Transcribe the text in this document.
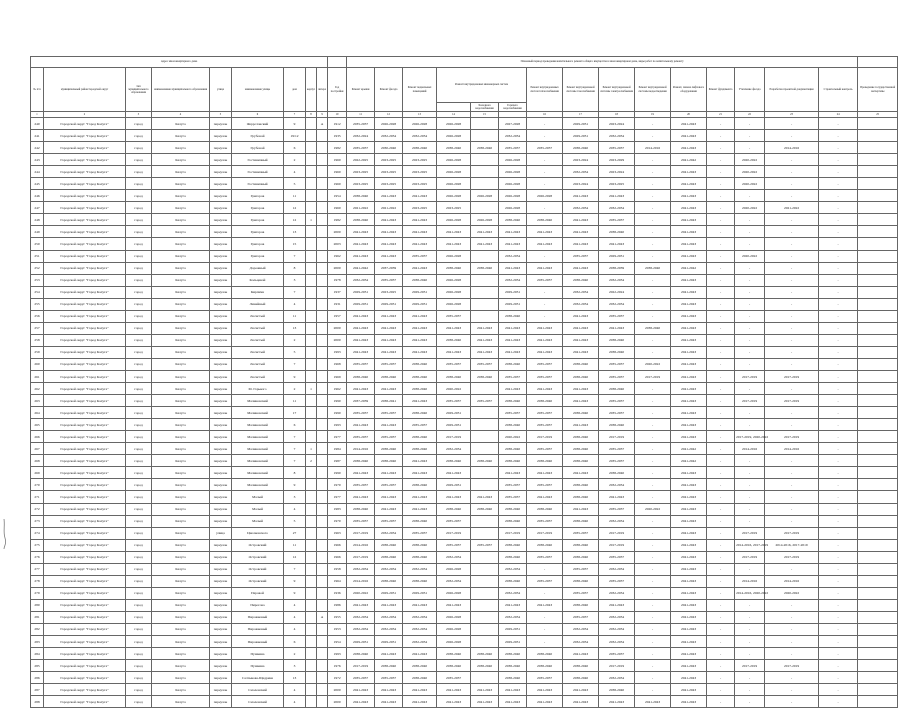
Адрес многоквартирного дома										Плановый период проведения капитального ремонта общего имущества в многоквартирном доме, виды работ по капитальному ремонту															
№ п/п	муниципальный район/городской округ	тип муниципального образования	наименование муниципального образования	улица	наименование улицы	дом	корпус	литера	Год постройки	Ремонт крыши	Ремонт фасада	Ремонт подвальных помещений	Ремонт внутридомовых инженерных систем			Ремонт внутридомовых систем теплоснабжения	Ремонт внутридомовой системы газоснабжения	Ремонт внутридомовой системы электроснабжения	Ремонт внутридомовой системы водоотведения	Ремонт, замена лифтового оборудования	Ремонт фундамента	Утепление фасада	Разработка проектной документации	Строительный контроль	Проведение государственной экспертизы
														Холодного водоснабжения	Горячего водоснабжения										
1	2	3	4	5	6	7	8	9	10	11	12	13	14	15		16	17	18	19	20	21	22	23	24	25
240	Городской округ "Город Калуга"	город	Калуга	переулок	Ферротовский	9		А	1912	2035-2037	2026-2028	2026-2028	2026-2028		2027-2028	-	2029-2031	2023-2024	-	2041-2043	-	-	-	-	
241	Городской округ "Город Калуга"	город	Калуга	переулок	Грубовой	19/12			1935	2032-2024	2032-2034	2032-2034	2026-2028		2032-2034	-	2029-2031	2032-2034	-	2041-2043	-	-	-	-	
242	Городской округ "Город Калуга"	город	Калуга	переулок	Грубовой	6			1982	2035-2037	2030-2040	2038-2040	2038-2040	2038-2040	2035-2037	2035-2037	2038-2040	2035-2037	2014-2016	2041-2043	-	-	2014-2016	-	
243	Городской округ "Город Калуга"	город	Калуга	переулок	Гостиничный	2			1960	2022-2025	2023-2025	2023-2025	2026-2028		2026-2028	-	2023-2024	2023-2029	-	2041-2042	-	2020-2022	-	-	
244	Городской округ "Город Калуга"	город	Калуга	переулок	Гостиничный	4			1960	2023-2025	2023-2025	2023-2025	2026-2028		2026-2028	-	2032-2034	2023-2024	-	2041-2043	-	2020-2022	-	-	
245	Городской округ "Город Калуга"	город	Калуга	переулок	Гостиничный	5			1960	2023-2025	2023-2025	2023-2025	2026-2028		2026-2028	-	2023-2024	2023-2025	-	2041-2043	-	2020-2022	-	-	
246	Городской округ "Город Калуга"	город	Калуга	переулок	Григоров	11			1954	2038-2040	2041-2043	2041-2043	2026-2028	2026-2028	2026-2028	2026-2028	2041-2043	2041-2043	-	2041-2043	-	-	-	-	
247	Городской округ "Город Калуга"	город	Калуга	переулок	Григоров	12			1960	2021-2022	2021-2022	2023-2025	2023-2025		2026-2028	-	2032-2034	2032-2034	-	2041-2043	-	2020-2022	2021-2022	-	
248	Городской округ "Город Калуга"	город	Калуга	переулок	Григоров	12	1		1982	2038-2040	2041-2043	2041-2043	2026-2028	2026-2028	2038-2040	2038-2040	2041-2043	2035-2037	-	2041-2043	-	-	-	-	
249	Городской округ "Город Калуга"	город	Калуга	переулок	Григоров	13			2000	2041-2043	2041-2043	2041-2043	2041-2043	2041-2043	2041-2043	2041-2043	2041-2043	2038-2040	-	2041-2043	-	-	-	-	
250	Городской округ "Город Калуга"	город	Калуга	переулок	Григоров	15			2003	2041-2043	2041-2043	2041-2043	2041-2043	2041-2043	2041-2043	2041-2043	2041-2043	2041-2043	-	2041-2043	-	-	-	-	
251	Городской округ "Город Калуга"	город	Калуга	переулок	Григоров	7			1962	2041-2043	2041-2043	2035-2037	2026-2028		2032-2034	-	2035-2037	2029-2031	-	2041-2043	-	2020-2022	-	-	
252	Городской округ "Город Калуга"	город	Калуга	переулок	Дорожный	8			2000	2041-2042	2037-2039	2041-2043	2038-2040	2038-2040	2041-2043	2041-2043	2041-2043	2038-2039	2038-2040	2041-2042	-	-	-	-	
253	Городской округ "Город Калуга"	город	Калуга	переулок	Кольцевой	3			1978	2032-2034	2035-2037	2038-2040	2026-2028		2032-2034	2035-2037	2038-2040	2032-2034	-	2041-2043	-	-	-	-	
254	Городской округ "Город Калуга"	город	Калуга	переулок	Кирпичн	7			1937	2029-2031	2023-2025	2029-2031	2026-2028		2029-2031	-	2032-2034	2022-2024	-	2041-2043	-	-	-	-	
255	Городской округ "Город Калуга"	город	Калуга	переулок	Линейный	4			1931	2029-2031	2029-2031	2029-2031	2026-2028		2029-2031	-	2032-2034	2032-2034	-	2041-2043	-	-	-	-	
256	Городской округ "Город Калуга"	город	Калуга	переулок	Лесистый	11			1957	2041-2043	2041-2043	2041-2043	2035-2037		2038-2040	-	2041-2043	2035-2037	-	2041-2043	-	-	-	-	
257	Городской округ "Город Калуга"	город	Калуга	переулок	Лесистый	13			2000	2041-2043	2041-2043	2041-2043	2041-2043	2041-2043	2041-2043	2041-2043	2041-2043	2041-2043	2038-2040	2041-2043	-	-	-	-	
258	Городской округ "Город Калуга"	город	Калуга	переулок	Лесистый	2			2000	2041-2043	2041-2043	2041-2043	2038-2040	2041-2043	2041-2043	2041-2043	2041-2043	2038-2040	-	2041-2043	-	-	-	-	
259	Городской округ "Город Калуга"	город	Калуга	переулок	Лесистый	5			1993	2041-2043	2041-2043	2041-2043	2041-2043	2041-2043	2041-2043	2041-2043	2041-2043	2038-2040	-	2041-2043	-	-	-	-	
260	Городской округ "Город Калуга"	город	Калуга	переулок	Лесистый	7			1968	2035-2037	2035-2037	2038-2040	2035-2037	2035-2037	2038-2040	2035-2037	2038-2040	2035-2037	2020-2022	2041-2043	-	-	-	-	
261	Городской округ "Город Калуга"	город	Калуга	переулок	Лесистый	9			1969	2038-2040	2038-2040	2038-2040	2038-2040	2038-2040	2035-2037	2035-2037	2038-2040	2035-2037	2017-2019	2041-2043	-	2017-2019	2017-2019	-	
262	Городской округ "Город Калуга"	город	Калуга	переулок	М. Горького	2	1		1962	2041-2043	2041-2043	2038-2040	2020-2022		2041-2043	2041-2043	2041-2043	2038-2040	-	2041-2043	-	-	-	-	
263	Городской округ "Город Калуга"	город	Калуга	переулок	Малиновский	11			1990	2037-2039	2038-2041	2041-2043	2035-2037	2035-2037	2038-2040	2038-2040	2041-2043	2035-2037	-	2041-2043	-	2017-2019	2017-2019	-	
264	Городской округ "Город Калуга"	город	Калуга	переулок	Малиновский	17			1990	2035-2037	2035-2037	2038-2040	2029-2031		2035-2037	2035-2037	2038-2040	2035-2037	-	2041-2043	-	-	-	-	
265	Городской округ "Город Калуга"	город	Калуга	переулок	Малиновский	6			1993	2041-2043	2041-2043	2035-2037	2029-2031		2038-2040	2035-2037	2041-2043	2038-2040	-	2041-2043	-	-	-	-	
266	Городской округ "Город Калуга"	город	Калуга	переулок	Малиновский	7			1977	2035-2037	2035-2037	2038-2040	2017-2019		2020-2022	2017-2019	2038-2040	2017-2019	-	2041-2043	-	2017-2019, 2020-2022	2017-2019	-	
267	Городской округ "Город Калуга"	город	Калуга	переулок	Малиновский	7	1		1984	2014-2016	2038-2040	2038-2040	2032-2034		2038-2040	2035-2037	2038-2040	2035-2037	-	2041-2042	-	2014-2016	2014-2016	-	
268	Городской округ "Город Калуга"	город	Калуга	переулок	Малиновский	7	2		1987	2038-2040	2038-2040	2041-2043	2038-2040	2038-2040	2038-2040	2038-2040	2038-2040	2035-2037	-	2041-2042	-	-	-	-	
269	Городской округ "Город Калуга"	город	Калуга	переулок	Малиновский	8			1990	2041-2043	2041-2043	2041-2043	2041-2043		2041-2043	2041-2043	2041-2043	2038-2040	-	2041-2043	-	-	-	-	
270	Городской округ "Город Калуга"	город	Калуга	переулок	Малиновский	9			1970	2035-2037	2035-2037	2038-2040	2029-2031		2035-2037	2035-2037	2038-2040	2032-2034	-	2041-2043	-	-	-	-	
271	Городской округ "Город Калуга"	город	Калуга	переулок	Малый	3			1977	2041-2043	2041-2043	2041-2043	2041-2043	2041-2043	2035-2037	2041-2043	2038-2040	2041-2043	-	2041-2043	-	-	-	-	
272	Городской округ "Город Калуга"	город	Калуга	переулок	Малый	4			1983	2038-2040	2041-2043	2041-2043	2038-2040	2038-2040	2038-2040	2038-2040	2041-2043	2035-2037	2020-2022	2041-2043	-	-	-	-	
273	Городской округ "Город Калуга"	город	Калуга	переулок	Малый	5			1970	2035-2037	2035-2037	2038-2040	2035-2037		2038-2040	2035-2037	2038-2040	2032-2034	-	2041-2043	-	-	-	-	
274	Городской округ "Город Калуга"	город	Калуга	улица	Циолковского	27			1963	2017-2019	2032-2034	2035-2037	2017-2019		2017-2019	2017-2019	2035-2037	2017-2019	-	2041-2043	-	2017-2019	2017-2019	-	
275	Городской округ "Город Калуга"	город	Калуга	переулок	Островский	11			1966	2014-2016	2038-2040	2038-2040	2035-2037	2035-2037	2038-2040	2038-2040	2038-2040	2017-2019	-	2041-2043	-	2014-2016, 2017-2019	2014-2016, 2017-2019	-	
276	Городской округ "Город Калуга"	город	Калуга	переулок	Островский	12			1966	2017-2019	2038-2040	2038-2040	2032-2034		2038-2040	2035-2037	2038-2040	2035-2037	-	2041-2043	-	2017-2019	2017-2019	-	
277	Городской округ "Город Калуга"	город	Калуга	переулок	Островский	7			1958	2032-2034	2032-2034	2032-2034	2026-2028		2032-2034	-	2035-2037	2032-2034	-	2041-2043	-	-	-	-	
278	Городской округ "Город Калуга"	город	Калуга	переулок	Островский	9			1964	2014-2016	2038-2040	2038-2040	2032-2034		2038-2040	2035-2037	2038-2040	2035-2037	-	2041-2043	-	2014-2016	2014-2016	-	
279	Городской округ "Город Калуга"	город	Калуга	переулок	Паровой	9			1936	2020-2022	2029-2031	2029-2031	2026-2028		2032-2034	-	2035-2037	2032-2034	-	2041-2043	-	2014-2016, 2020-2022	2020-2022	-	
280	Городской округ "Город Калуга"	город	Калуга	переулок	Пирогова	4			1986	2041-2043	2041-2043	2041-2043	2041-2043		2041-2043	2041-2043	2038-2040	2041-2043	-	2041-2043	-	-	-	-	
281	Городской округ "Город Калуга"	город	Калуга	переулок	Пирожковый	4		А	1955	2032-2034	2032-2034	2032-2034	2026-2028		2032-2034	-	2035-2037	2032-2034	-	2041-2043	-	-	-	-	
282	Городской округ "Город Калуга"	город	Калуга	переулок	Пирожковый	4			1953	2032-2034	2032-2034	2032-2034	2026-2028		2029-2031	-	2032-2034	2032-2034	-	2041-2043	-	-	-	-	
283	Городской округ "Город Калуга"	город	Калуга	переулок	Пирожковый	6			1954	2029-2031	2029-2031	2032-2034	2026-2028		2029-2031	-	2032-2034	2032-2034	-	2041-2043	-	-	-	-	
284	Городской округ "Город Калуга"	город	Калуга	переулок	Пушкина	2			1993	2038-2040	2041-2043	2041-2043	2038-2040	2038-2040	2038-2040	2038-2040	2041-2043	2035-2037	-	2041-2043	-	-	-	-	
285	Городской округ "Город Калуга"	город	Калуга	переулок	Пушкина	3			1976	2017-2019	2038-2040	2038-2040	2038-2040	2038-2040	2038-2040	2038-2040	2038-2040	2017-2019	-	2041-2043	-	2017-2019	2017-2019	-	
286	Городской округ "Город Калуга"	город	Калуга	переулок	Салтыкова-Щедрина	13			1972	2035-2037	2035-2037	2038-2040	2035-2037		2038-2040	2035-2037	2038-2040	2032-2034	-	2041-2043	-	-	-	-	
287	Городской округ "Город Калуга"	город	Калуга	переулок	Смоленский	4			2000	2041-2043	2041-2043	2041-2043	2041-2043	2041-2043	2041-2043	2041-2043	2041-2043	2038-2040	-	2041-2043	-	-	-	-	
288	Городской округ "Город Калуга"	город	Калуга	переулок	Смоленский	4			2000	2041-2043	2041-2043	2041-2043	2041-2043	2041-2043	2041-2043	2041-2043	2041-2043	2041-2043	2041-2043	2041-2043	-	-	-	-	
